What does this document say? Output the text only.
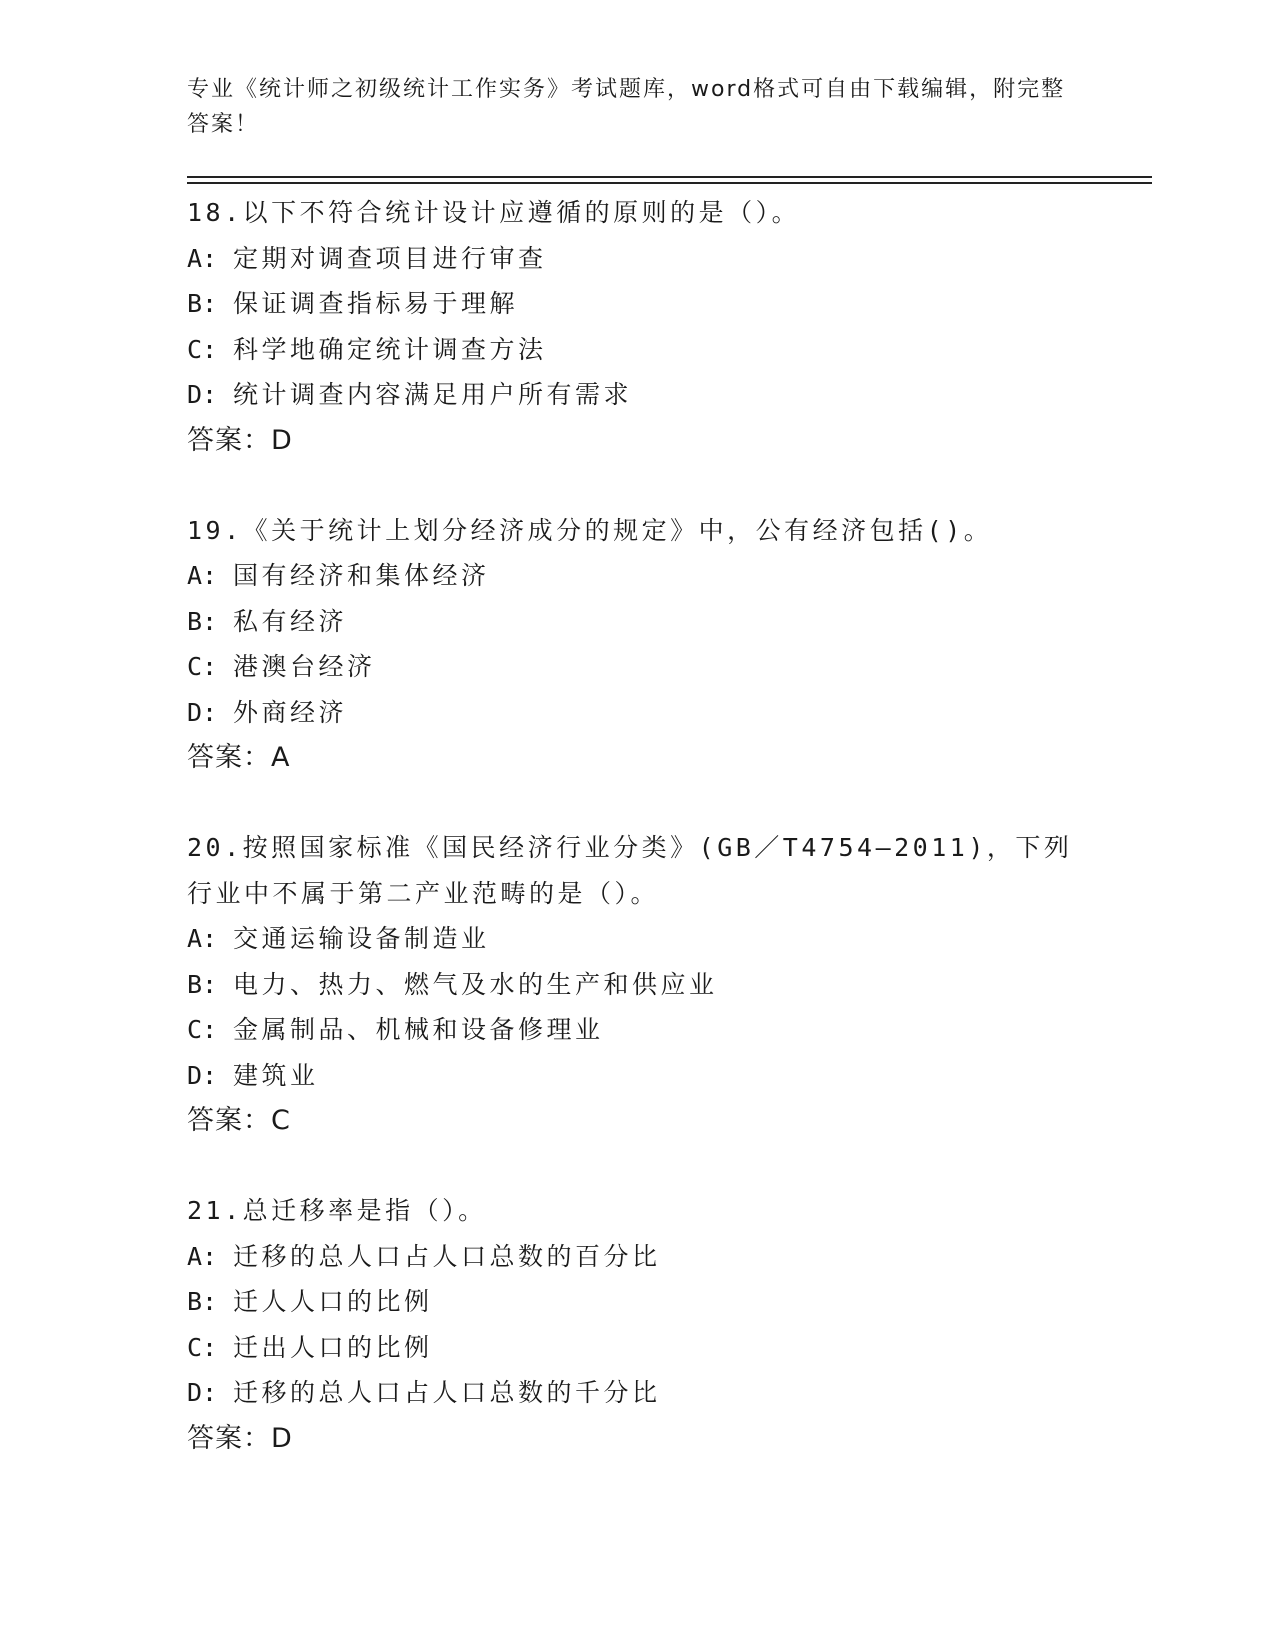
专业《统计师之初级统计工作实务》考试题库，word格式可自由下载编辑，附完整答案！
18.以下不符合统计设计应遵循的原则的是（）。
A: 定期对调查项目进行审查
B: 保证调查指标易于理解
C: 科学地确定统计调查方法
D: 统计调查内容满足用户所有需求
答案：D
19.《关于统计上划分经济成分的规定》中，公有经济包括()。
A: 国有经济和集体经济
B: 私有经济
C: 港澳台经济
D: 外商经济
答案：A
20.按照国家标准《国民经济行业分类》(GB／T4754—2011)，下列行业中不属于第二产业范畴的是（）。
A: 交通运输设备制造业
B: 电力、热力、燃气及水的生产和供应业
C: 金属制品、机械和设备修理业
D: 建筑业
答案：C
21.总迁移率是指（）。
A: 迁移的总人口占人口总数的百分比
B: 迁人人口的比例
C: 迁出人口的比例
D: 迁移的总人口占人口总数的千分比
答案：D
